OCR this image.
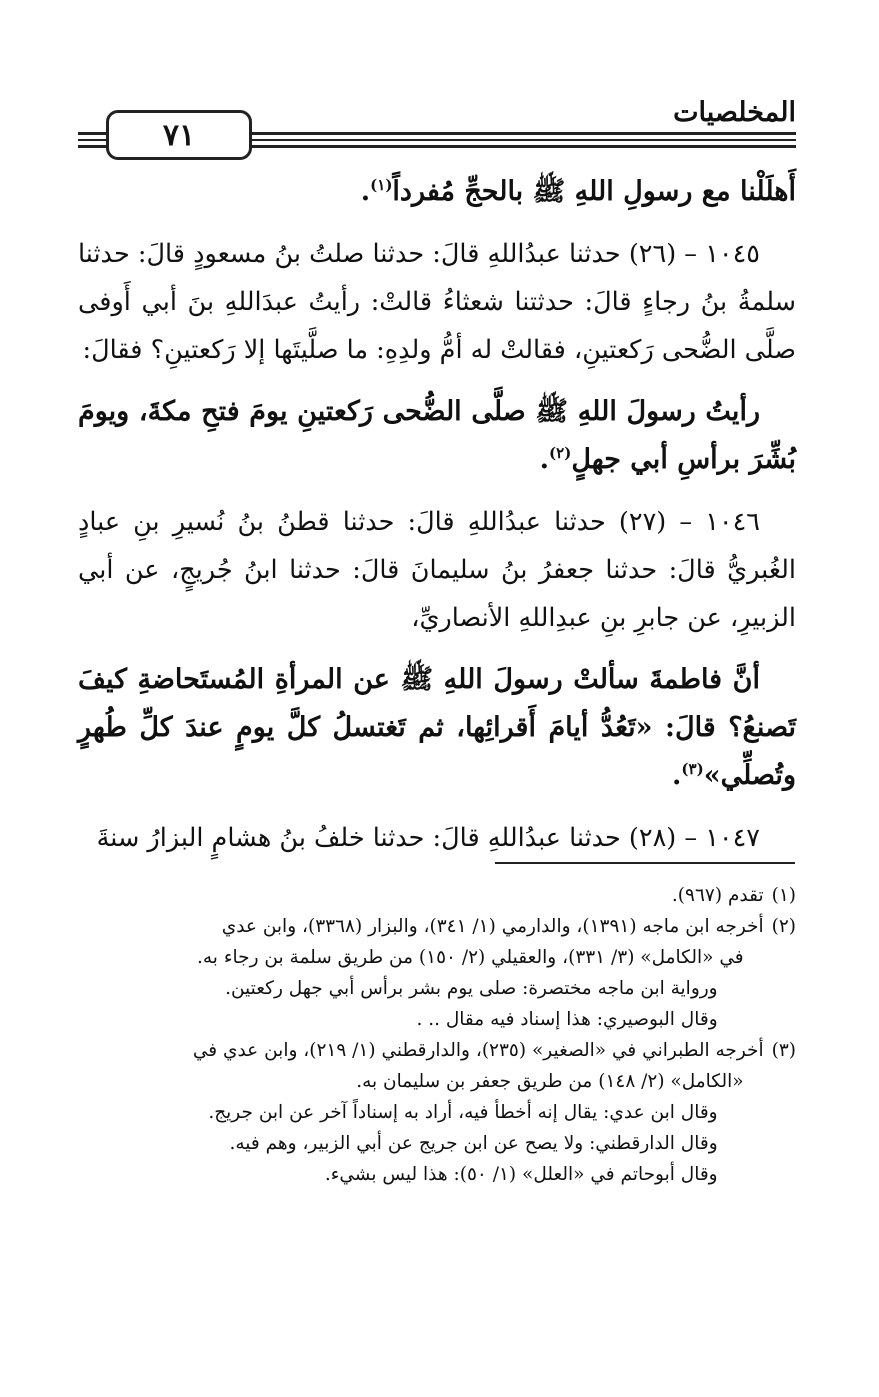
المخلصيات
٧١

أَهلَلْنا مع رسولِ اللهِ ﷺ بالحجِّ مُفرداً$^{(١)}$.

١٠٤٥ – (٢٦) حدثنا عبدُاللهِ قالَ: حدثنا صلتُ بنُ مسعودٍ قالَ: حدثنا سلمةُ بنُ رجاءٍ قالَ: حدثتنا شعثاءُ قالتْ: رأيتُ عبدَاللهِ بنَ أبي أَوفى صلَّى الضُّحى رَكعتينِ، فقالتْ له أمُّ ولدِهِ: ما صلَّيتَها إلا رَكعتينِ؟ فقالَ:

رأيتُ رسولَ اللهِ ﷺ صلَّى الضُّحى رَكعتينِ يومَ فتحِ مكةَ، ويومَ بُشِّرَ برأسِ أبي جهلٍ$^{(٢)}$.

١٠٤٦ – (٢٧) حدثنا عبدُاللهِ قالَ: حدثنا قطنُ بنُ نُسيرِ بنِ عبادٍ الغُبريُّ قالَ: حدثنا جعفرُ بنُ سليمانَ قالَ: حدثنا ابنُ جُريجٍ، عن أبي الزبيرِ، عن جابرِ بنِ عبدِاللهِ الأنصاريِّ،

أنَّ فاطمةَ سألتْ رسولَ اللهِ ﷺ عن المرأةِ المُستَحاضةِ كيفَ تَصنعُ؟ قالَ: «تَعُدُّ أيامَ أَقرائِها، ثم تَغتسلُ كلَّ يومٍ عندَ كلِّ طُهرٍ وتُصلِّي»$^{(٣)}$.

١٠٤٧ – (٢٨) حدثنا عبدُاللهِ قالَ: حدثنا خلفُ بنُ هشامٍ البزارُ سنةَ

(١)
تقدم (٩٦٧).
(٢)
أخرجه ابن ماجه (١٣٩١)، والدارمي (١/ ٣٤١)، والبزار (٣٣٦٨)، وابن عدي
في «الكامل» (٣/ ٣٣١)، والعقيلي (٢/ ١٥٠) من طريق سلمة بن رجاء به.
ورواية ابن ماجه مختصرة: صلى يوم بشر برأس أبي جهل ركعتين.
وقال البوصيري: هذا إسناد فيه مقال .. .
(٣)
أخرجه الطبراني في «الصغير» (٢٣٥)، والدارقطني (١/ ٢١٩)، وابن عدي في
«الكامل» (٢/ ١٤٨) من طريق جعفر بن سليمان به.
وقال ابن عدي: يقال إنه أخطأ فيه، أراد به إسناداً آخر عن ابن جريج.
وقال الدارقطني: ولا يصح عن ابن جريج عن أبي الزبير، وهم فيه.
وقال أبوحاتم في «العلل» (١/ ٥٠): هذا ليس بشيء.
